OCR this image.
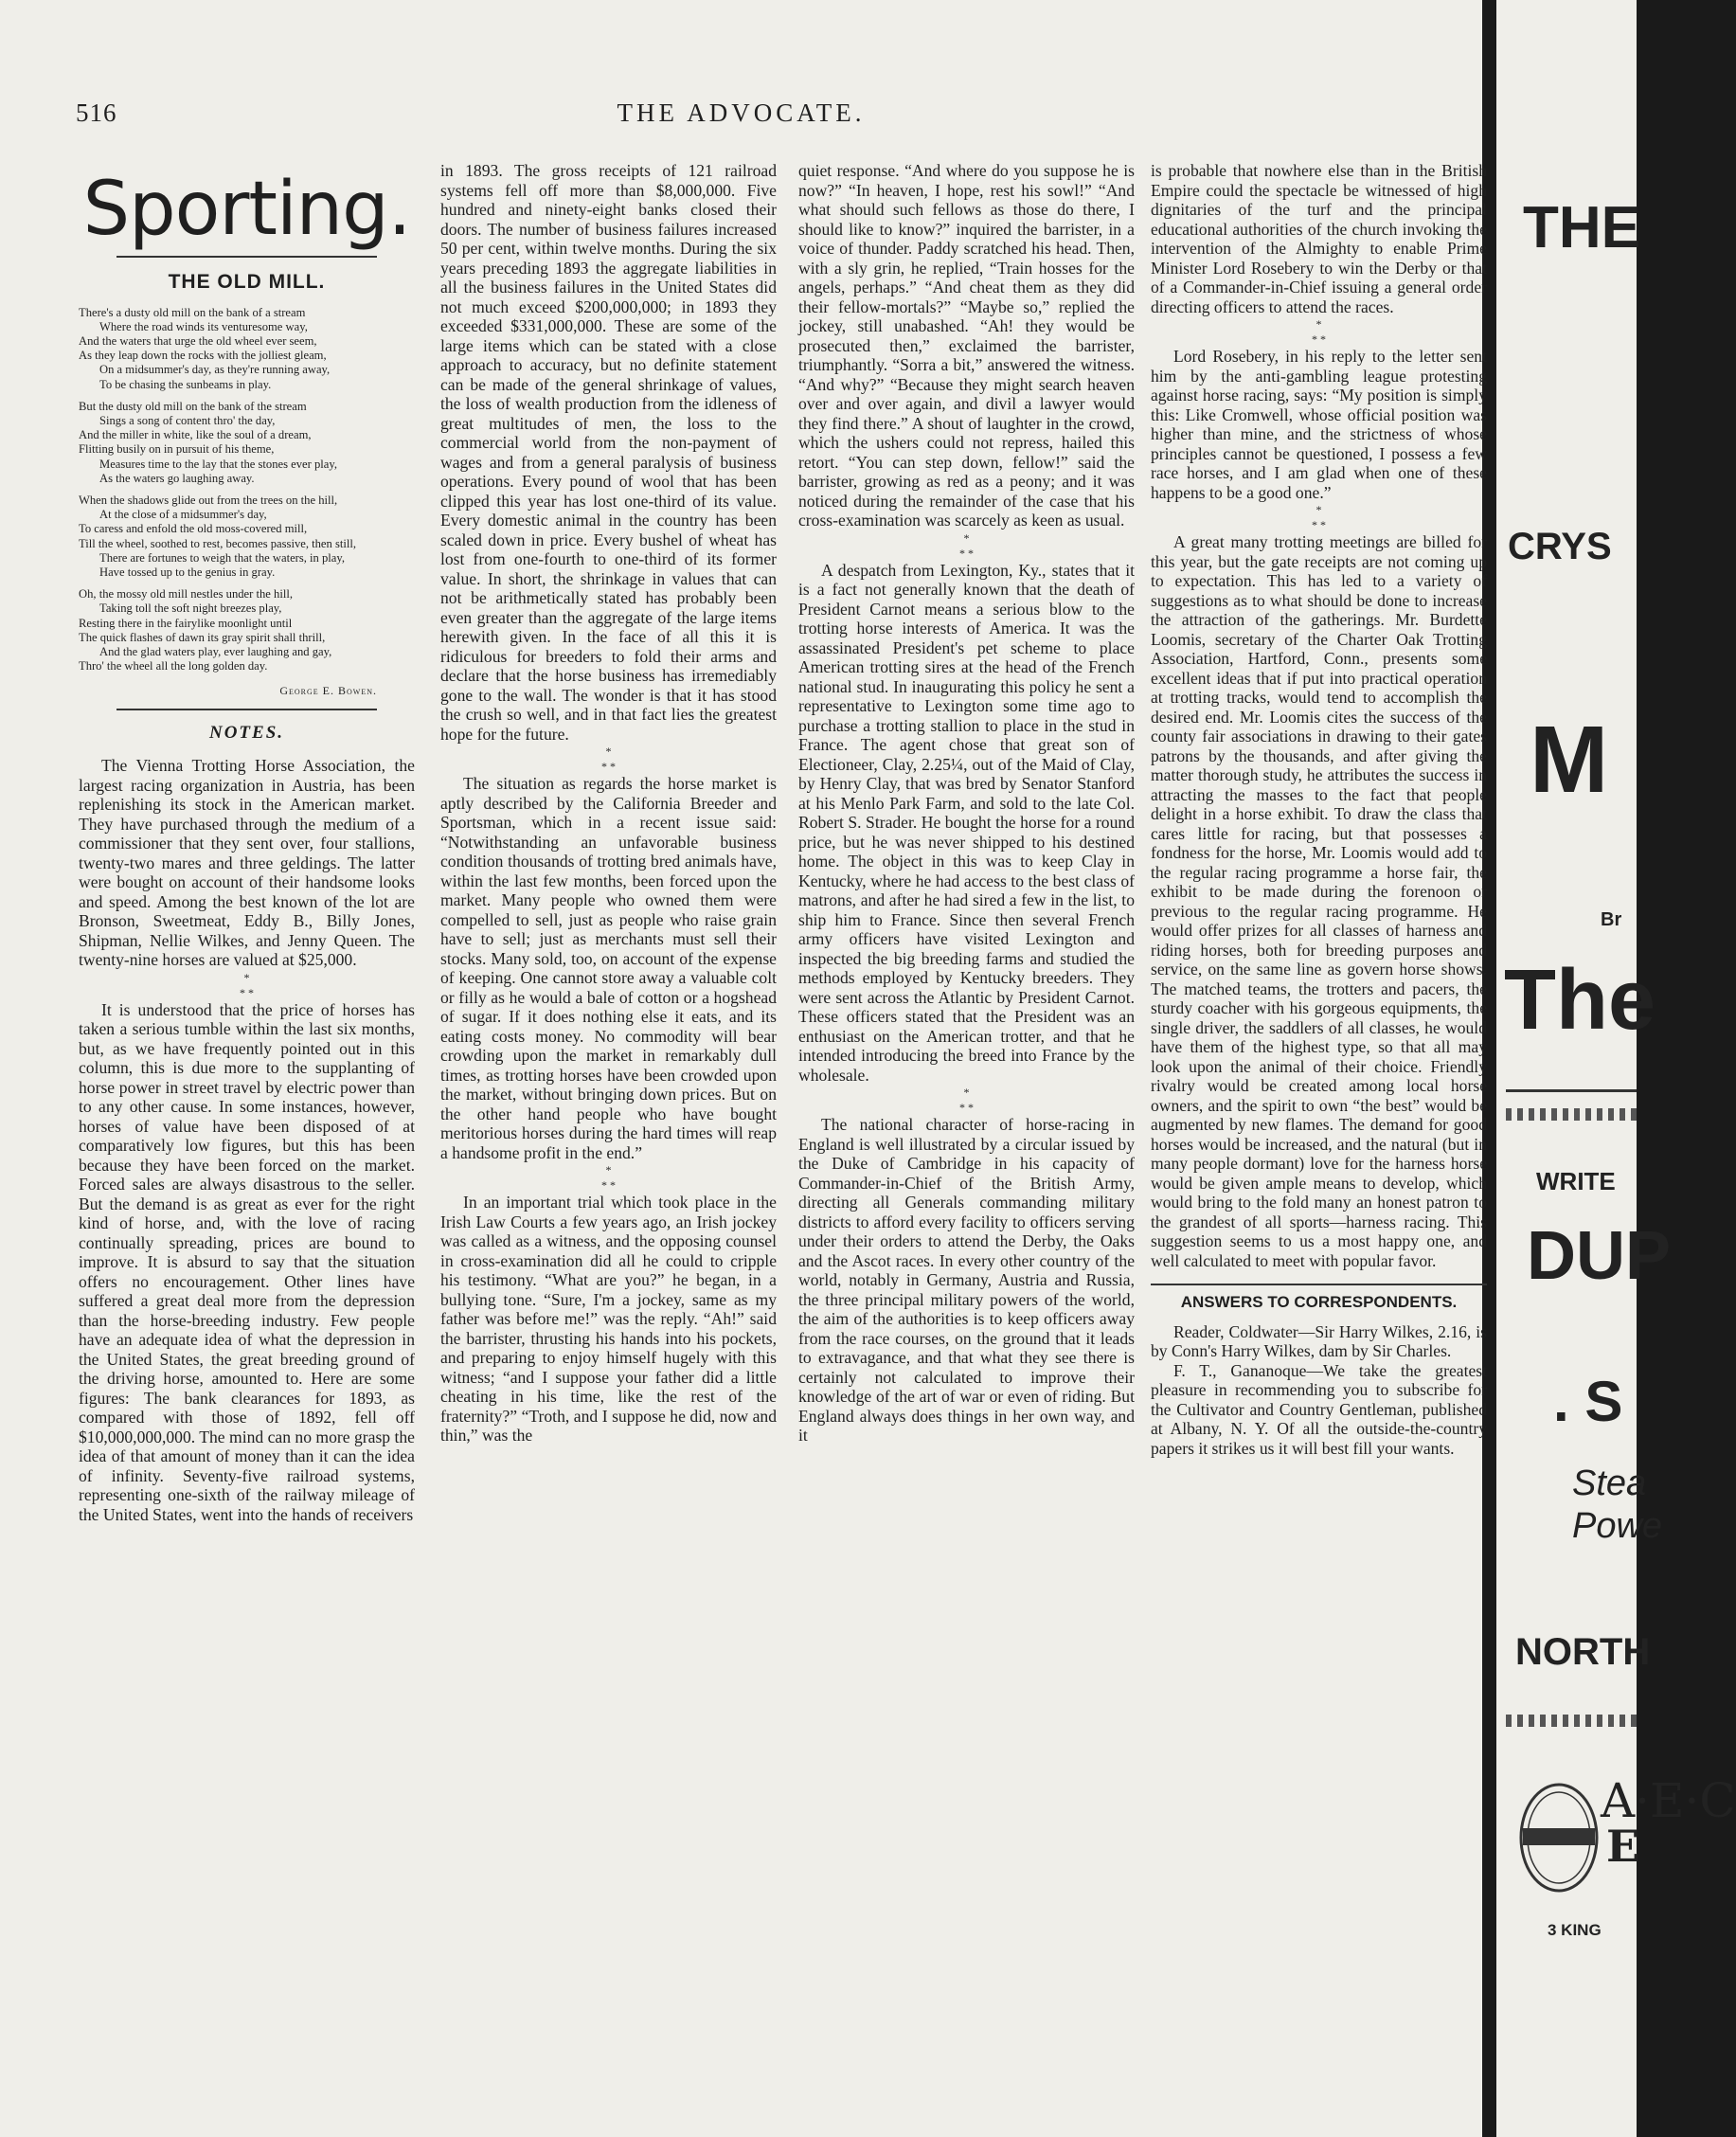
516	THE ADVOCATE.
Sporting.
THE OLD MILL.
There's a dusty old mill on the bank of a stream
Where the road winds its venturesome way,
And the waters that urge the old wheel ever seem,
As they leap down the rocks with the jolliest gleam,
On a midsummer's day, as they're running away,
To be chasing the sunbeams in play.
But the dusty old mill on the bank of the stream
Sings a song of content thro' the day,
And the miller in white, like the soul of a dream,
Flitting busily on in pursuit of his theme,
Measures time to the lay that the stones ever play,
As the waters go laughing away.
When the shadows glide out from the trees on the hill,
At the close of a midsummer's day,
To caress and enfold the old moss-covered mill,
Till the wheel, soothed to rest, becomes passive, then still,
There are fortunes to weigh that the waters, in play,
Have tossed up to the genius in gray.
Oh, the mossy old mill nestles under the hill,
Taking toll the soft night breezes play,
Resting there in the fairylike moonlight until
The quick flashes of dawn its gray spirit shall thrill,
And the glad waters play, ever laughing and gay,
Thro' the wheel all the long golden day.
George E. Bowen.
NOTES.

The Vienna Trotting Horse Association, the largest racing organization in Austria, has been replenishing its stock in the American market. They have purchased through the medium of a commissioner that they sent over, four stallions, twenty-two mares and three geldings. The latter were bought on account of their handsome looks and speed. Among the best known of the lot are Bronson, Sweetmeat, Eddy B., Billy Jones, Shipman, Nellie Wilkes, and Jenny Queen. The twenty-nine horses are valued at $25,000.

*
* *

It is understood that the price of horses has taken a serious tumble within the last six months, but, as we have frequently pointed out in this column, this is due more to the supplanting of horse power in street travel by electric power than to any other cause. In some instances, however, horses of value have been disposed of at comparatively low figures, but this has been because they have been forced on the market. Forced sales are always disastrous to the seller. But the demand is as great as ever for the right kind of horse, and, with the love of racing continually spreading, prices are bound to improve. It is absurd to say that the situation offers no encouragement. Other lines have suffered a great deal more from the depression than the horse-breeding industry. Few people have an adequate idea of what the depression in the United States, the great breeding ground of the driving horse, amounted to. Here are some figures: The bank clearances for 1893, as compared with those of 1892, fell off $10,000,000,000. The mind can no more grasp the idea of that amount of money than it can the idea of infinity. Seventy-five railroad systems, representing one-sixth of the railway mileage of the United States, went into the hands of receivers

in 1893. The gross receipts of 121 railroad systems fell off more than $8,000,000. Five hundred and ninety-eight banks closed their doors. The number of business failures increased 50 per cent, within twelve months. During the six years preceding 1893 the aggregate liabilities in all the business failures in the United States did not much exceed $200,000,000; in 1893 they exceeded $331,000,000. These are some of the large items which can be stated with a close approach to accuracy, but no definite statement can be made of the general shrinkage of values, the loss of wealth production from the idleness of great multitudes of men, the loss to the commercial world from the non-payment of wages and from a general paralysis of business operations. Every pound of wool that has been clipped this year has lost one-third of its value. Every domestic animal in the country has been scaled down in price. Every bushel of wheat has lost from one-fourth to one-third of its former value. In short, the shrinkage in values that can not be arithmetically stated has probably been even greater than the aggregate of the large items herewith given. In the face of all this it is ridiculous for breeders to fold their arms and declare that the horse business has irremediably gone to the wall. The wonder is that it has stood the crush so well, and in that fact lies the greatest hope for the future.

*
* *

The situation as regards the horse market is aptly described by the California Breeder and Sportsman, which in a recent issue said: “Notwithstanding an unfavorable business condition thousands of trotting bred animals have, within the last few months, been forced upon the market. Many people who owned them were compelled to sell, just as people who raise grain have to sell; just as merchants must sell their stocks. Many sold, too, on account of the expense of keeping. One cannot store away a valuable colt or filly as he would a bale of cotton or a hogshead of sugar. If it does nothing else it eats, and its eating costs money. No commodity will bear crowding upon the market in remarkably dull times, as trotting horses have been crowded upon the market, without bringing down prices. But on the other hand people who have bought meritorious horses during the hard times will reap a handsome profit in the end.”

*
* *

In an important trial which took place in the Irish Law Courts a few years ago, an Irish jockey was called as a witness, and the opposing counsel in cross-examination did all he could to cripple his testimony. “What are you?” he began, in a bullying tone. “Sure, I'm a jockey, same as my father was before me!” was the reply. “Ah!” said the barrister, thrusting his hands into his pockets, and preparing to enjoy himself hugely with this witness; “and I suppose your father did a little cheating in his time, like the rest of the fraternity?” “Troth, and I suppose he did, now and thin,” was the

quiet response. “And where do you suppose he is now?” “In heaven, I hope, rest his sowl!” “And what should such fellows as those do there, I should like to know?” inquired the barrister, in a voice of thunder. Paddy scratched his head. Then, with a sly grin, he replied, “Train hosses for the angels, perhaps.” “And cheat them as they did their fellow-mortals?” “Maybe so,” replied the jockey, still unabashed. “Ah! they would be prosecuted then,” exclaimed the barrister, triumphantly. “Sorra a bit,” answered the witness. “And why?” “Because they might search heaven over and over again, and divil a lawyer would they find there.” A shout of laughter in the crowd, which the ushers could not repress, hailed this retort. “You can step down, fellow!” said the barrister, growing as red as a peony; and it was noticed during the remainder of the case that his cross-examination was scarcely as keen as usual.

*
* *

A despatch from Lexington, Ky., states that it is a fact not generally known that the death of President Carnot means a serious blow to the trotting horse interests of America. It was the assassinated President's pet scheme to place American trotting sires at the head of the French national stud. In inaugurating this policy he sent a representative to Lexington some time ago to purchase a trotting stallion to place in the stud in France. The agent chose that great son of Electioneer, Clay, 2.25¼, out of the Maid of Clay, by Henry Clay, that was bred by Senator Stanford at his Menlo Park Farm, and sold to the late Col. Robert S. Strader. He bought the horse for a round price, but he was never shipped to his destined home. The object in this was to keep Clay in Kentucky, where he had access to the best class of matrons, and after he had sired a few in the list, to ship him to France. Since then several French army officers have visited Lexington and inspected the big breeding farms and studied the methods employed by Kentucky breeders. They were sent across the Atlantic by President Carnot. These officers stated that the President was an enthusiast on the American trotter, and that he intended introducing the breed into France by the wholesale.

*
* *

The national character of horse-racing in England is well illustrated by a circular issued by the Duke of Cambridge in his capacity of Commander-in-Chief of the British Army, directing all Generals commanding military districts to afford every facility to officers serving under their orders to attend the Derby, the Oaks and the Ascot races. In every other country of the world, notably in Germany, Austria and Russia, the three principal military powers of the world, the aim of the authorities is to keep officers away from the race courses, on the ground that it leads to extravagance, and that what they see there is certainly not calculated to improve their knowledge of the art of war or even of riding. But England always does things in her own way, and it

is probable that nowhere else than in the British Empire could the spectacle be witnessed of high dignitaries of the turf and the principal educational authorities of the church invoking the intervention of the Almighty to enable Prime Minister Lord Rosebery to win the Derby or that of a Commander-in-Chief issuing a general order directing officers to attend the races.

*
* *

Lord Rosebery, in his reply to the letter sent him by the anti-gambling league protesting against horse racing, says: “My position is simply this: Like Cromwell, whose official position was higher than mine, and the strictness of whose principles cannot be questioned, I possess a few race horses, and I am glad when one of these happens to be a good one.”

*
* *

A great many trotting meetings are billed for this year, but the gate receipts are not coming up to expectation. This has led to a variety of suggestions as to what should be done to increase the attraction of the gatherings. Mr. Burdette Loomis, secretary of the Charter Oak Trotting Association, Hartford, Conn., presents some excellent ideas that if put into practical operation at trotting tracks, would tend to accomplish the desired end. Mr. Loomis cites the success of the county fair associations in drawing to their gates patrons by the thousands, and after giving the matter thorough study, he attributes the success in attracting the masses to the fact that people delight in a horse exhibit. To draw the class that cares little for racing, but that possesses a fondness for the horse, Mr. Loomis would add to the regular racing programme a horse fair, the exhibit to be made during the forenoon or previous to the regular racing programme. He would offer prizes for all classes of harness and riding horses, both for breeding purposes and service, on the same line as govern horse shows. The matched teams, the trotters and pacers, the sturdy coacher with his gorgeous equipments, the single driver, the saddlers of all classes, he would have them of the highest type, so that all may look upon the animal of their choice. Friendly rivalry would be created among local horse owners, and the spirit to own “the best” would be augmented by new flames. The demand for good horses would be increased, and the natural (but in many people dormant) love for the harness horse would be given ample means to develop, which would bring to the fold many an honest patron to the grandest of all sports—harness racing. This suggestion seems to us a most happy one, and well calculated to meet with popular favor.

ANSWERS TO CORRESPONDENTS.

Reader, Coldwater—Sir Harry Wilkes, 2.16, is by Conn's Harry Wilkes, dam by Sir Charles.

F. T., Gananoque—We take the greatest pleasure in recommending you to subscribe for the Cultivator and Country Gentleman, published at Albany, N. Y. Of all the outside-the-country papers it strikes us it will best fill your wants.

THE
CRYS
M
Br
The
WRITE
DUP
. S
Stea
Powe
NORTH
A·E·C
E
3 KING
